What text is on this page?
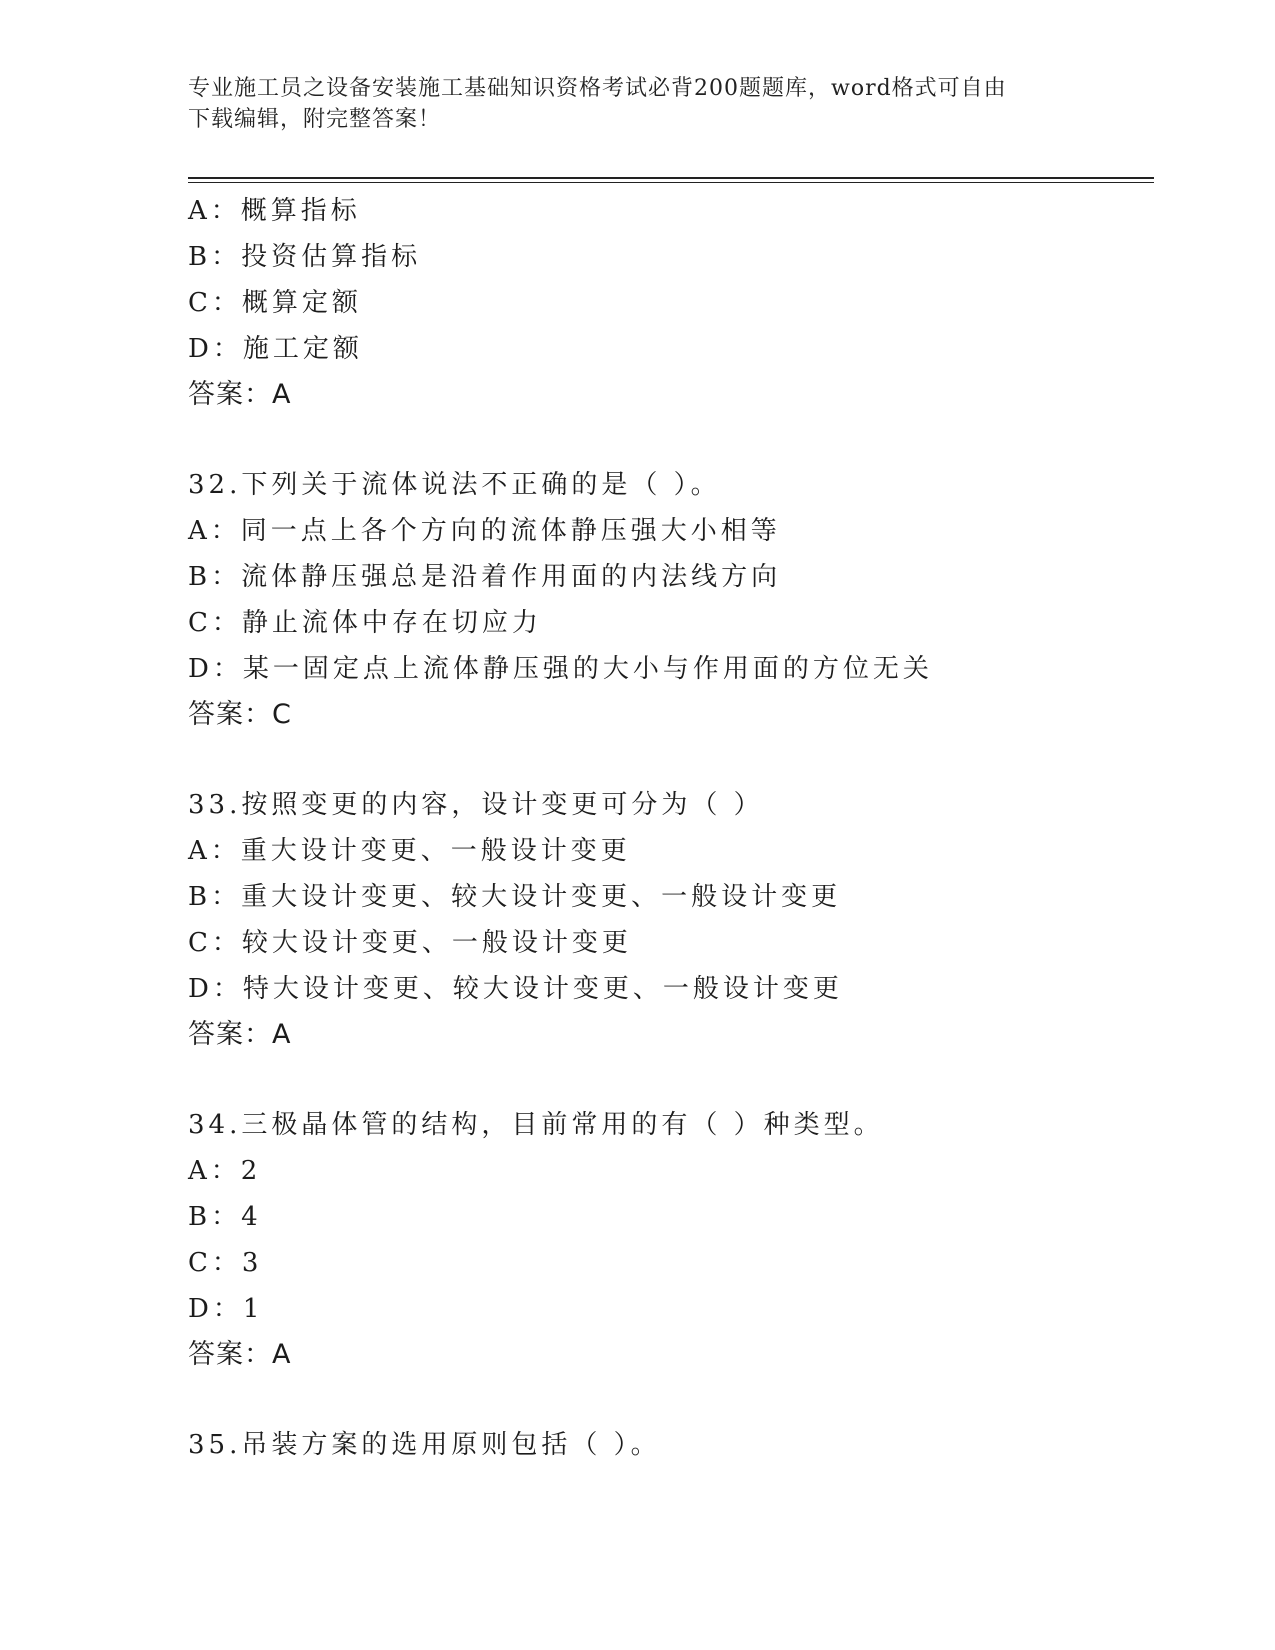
专业施工员之设备安装施工基础知识资格考试必背200题题库，word格式可自由
下载编辑，附完整答案！
A：概算指标
B：投资估算指标
C：概算定额
D：施工定额
答案：A
32.下列关于流体说法不正确的是（ ）。
A：同一点上各个方向的流体静压强大小相等
B：流体静压强总是沿着作用面的内法线方向
C：静止流体中存在切应力
D：某一固定点上流体静压强的大小与作用面的方位无关
答案：C
33.按照变更的内容，设计变更可分为（ ）
A：重大设计变更、一般设计变更
B：重大设计变更、较大设计变更、一般设计变更
C：较大设计变更、一般设计变更
D：特大设计变更、较大设计变更、一般设计变更
答案：A
34.三极晶体管的结构，目前常用的有（ ）种类型。
A：2
B：4
C：3
D：1
答案：A
35.吊装方案的选用原则包括（ ）。
